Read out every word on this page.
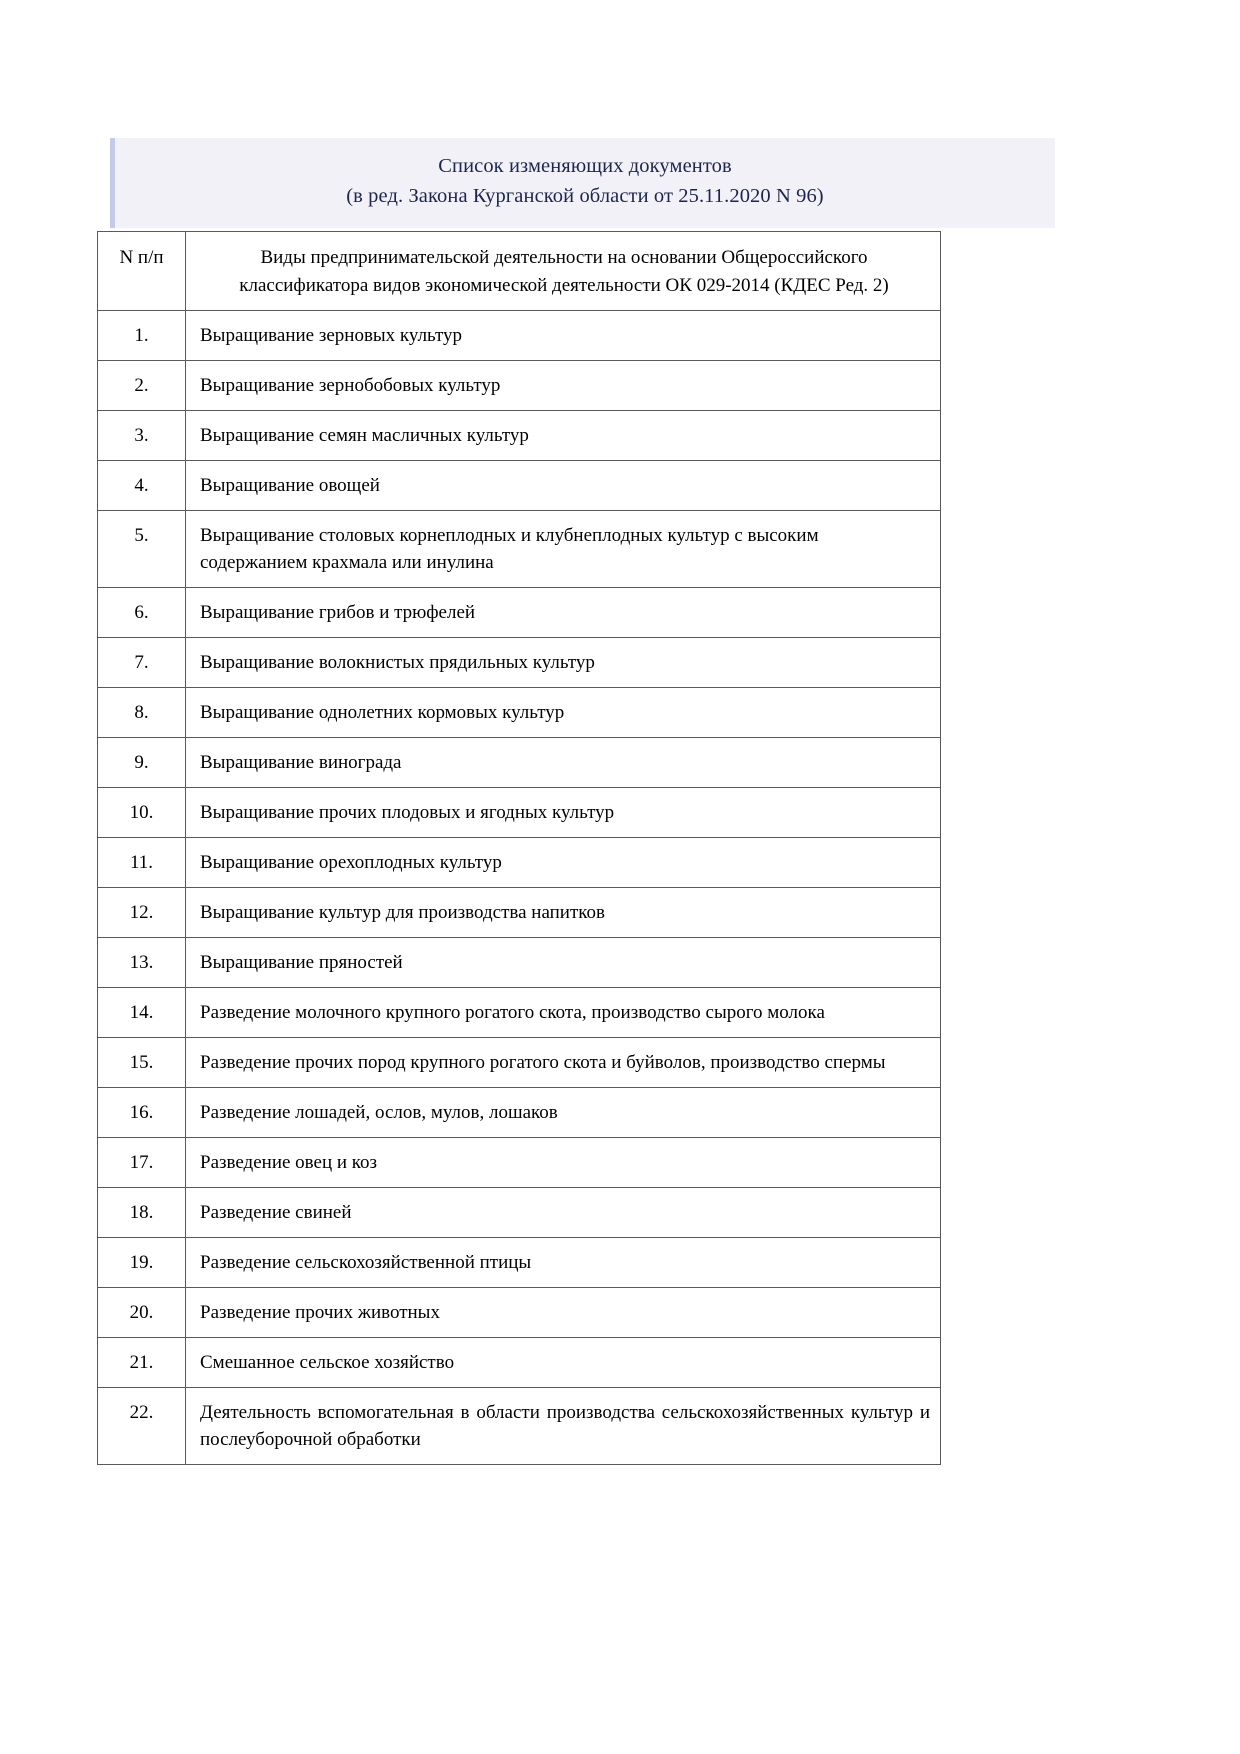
Список изменяющих документов
(в ред. Закона Курганской области от 25.11.2020 N 96)
N п/п	Виды предпринимательской деятельности на основании Общероссийского классификатора видов экономической деятельности ОК 029-2014 (КДЕС Ред. 2)
1.	Выращивание зерновых культур
2.	Выращивание зернобобовых культур
3.	Выращивание семян масличных культур
4.	Выращивание овощей
5.	Выращивание столовых корнеплодных и клубнеплодных культур с высоким содержанием крахмала или инулина
6.	Выращивание грибов и трюфелей
7.	Выращивание волокнистых прядильных культур
8.	Выращивание однолетних кормовых культур
9.	Выращивание винограда
10.	Выращивание прочих плодовых и ягодных культур
11.	Выращивание орехоплодных культур
12.	Выращивание культур для производства напитков
13.	Выращивание пряностей
14.	Разведение молочного крупного рогатого скота, производство сырого молока
15.	Разведение прочих пород крупного рогатого скота и буйволов, производство спермы
16.	Разведение лошадей, ослов, мулов, лошаков
17.	Разведение овец и коз
18.	Разведение свиней
19.	Разведение сельскохозяйственной птицы
20.	Разведение прочих животных
21.	Смешанное сельское хозяйство
22.	Деятельность вспомогательная в области производства сельскохозяйственных культур и послеуборочной обработки
